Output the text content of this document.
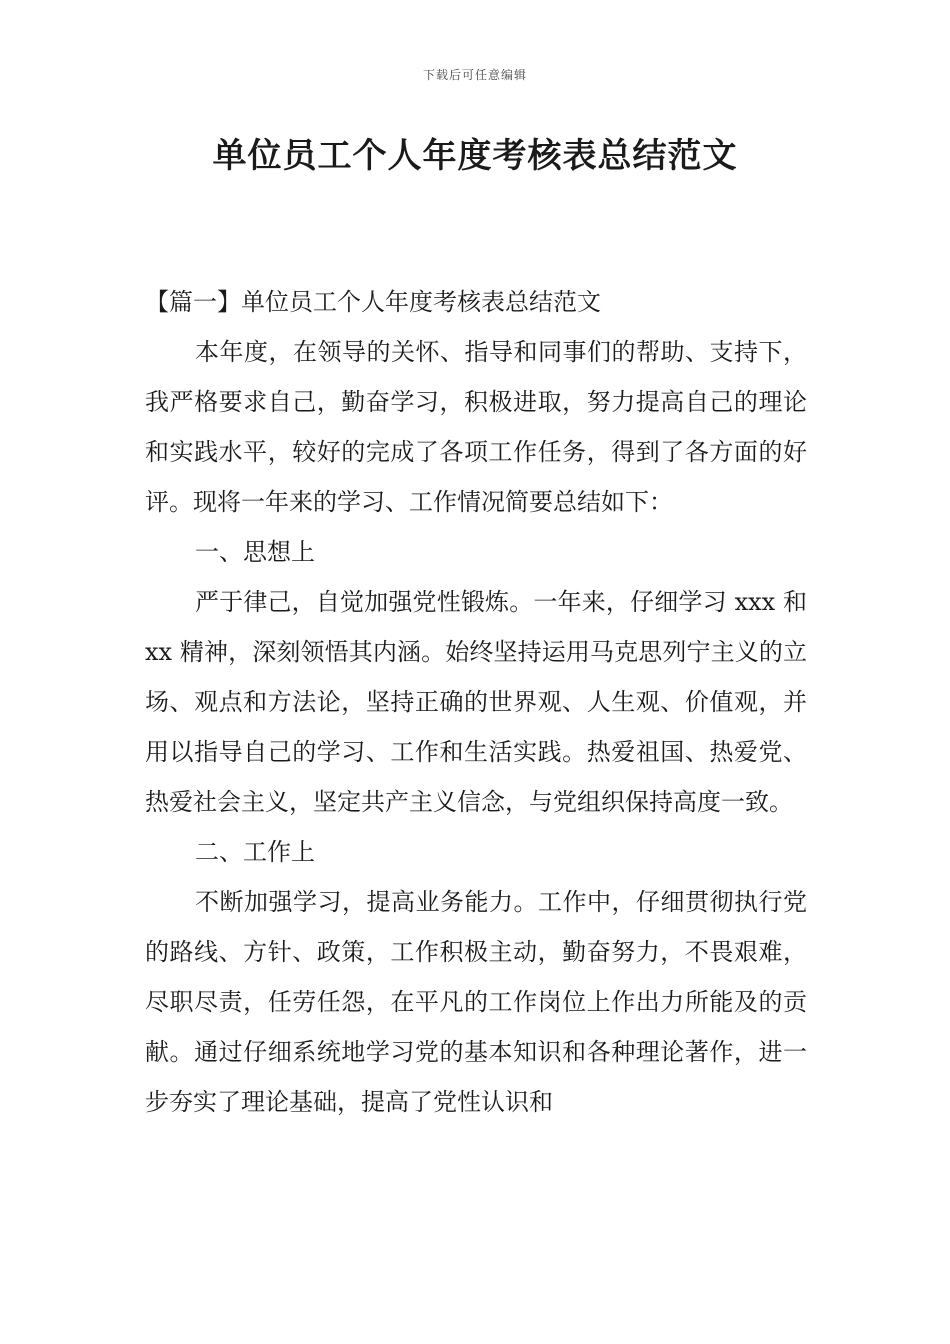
下载后可任意编辑
单位员工个人年度考核表总结范文

【篇一】单位员工个人年度考核表总结范文

本年度，在领导的关怀、指导和同事们的帮助、支持下，我严格要求自己，勤奋学习，积极进取，努力提高自己的理论和实践水平，较好的完成了各项工作任务，得到了各方面的好评。现将一年来的学习、工作情况简要总结如下：

一、思想上

严于律己，自觉加强党性锻炼。一年来，仔细学习 xxx 和 xx 精神，深刻领悟其内涵。始终坚持运用马克思列宁主义的立场、观点和方法论，坚持正确的世界观、人生观、价值观，并用以指导自己的学习、工作和生活实践。热爱祖国、热爱党、热爱社会主义，坚定共产主义信念，与党组织保持高度一致。

二、工作上

不断加强学习，提高业务能力。工作中，仔细贯彻执行党的路线、方针、政策，工作积极主动，勤奋努力，不畏艰难，尽职尽责，任劳任怨，在平凡的工作岗位上作出力所能及的贡献。通过仔细系统地学习党的基本知识和各种理论著作，进一步夯实了理论基础，提高了党性认识和
